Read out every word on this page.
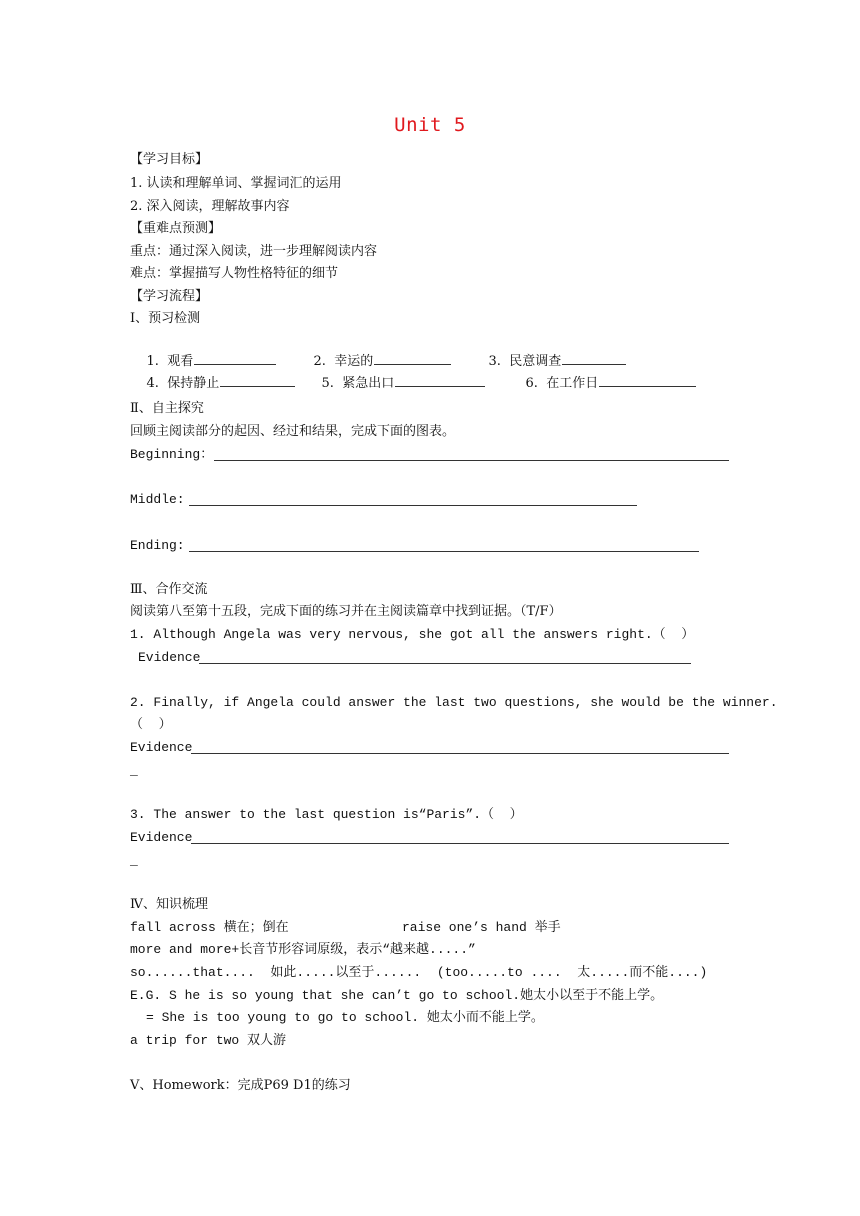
Unit 5
【学习目标】
1. 认读和理解单词、掌握词汇的运用
2. 深入阅读，理解故事内容
【重难点预测】
重点：通过深入阅读，进一步理解阅读内容
难点：掌握描写人物性格特征的细节
【学习流程】
Ⅰ、预习检测

1.  观看
	2.  幸运的
	3.  民意调查

4.  保持静止
	5.  紧急出口
	6.  在工作日

Ⅱ、自主探究
回顾主阅读部分的起因、经过和结果，完成下面的图表。
Beginning：
Middle:
Ending:
Ⅲ、合作交流
阅读第八至第十五段，完成下面的练习并在主阅读篇章中找到证据。（T/F）
1. Although Angela was very nervous, she got all the answers right.（  ）
Evidence
2. Finally, if Angela could answer the last two questions, she would be the winner.
（  ）
Evidence
_
3. The answer to the last question is“Paris”.（  ）
Evidence
_
Ⅳ、知识梳理
fall across 横在；倒在	raise one’s hand 举手
more and more+长音节形容词原级，表示“越来越.....”
so......that....  如此.....以至于......  (too.....to ....  太.....而不能....)
E.G. S he is so young that she can’t go to school.她太小以至于不能上学。
= She is too young to go to school. 她太小而不能上学。
a trip for two 双人游
Ⅴ、Homework：完成P69 D1的练习
